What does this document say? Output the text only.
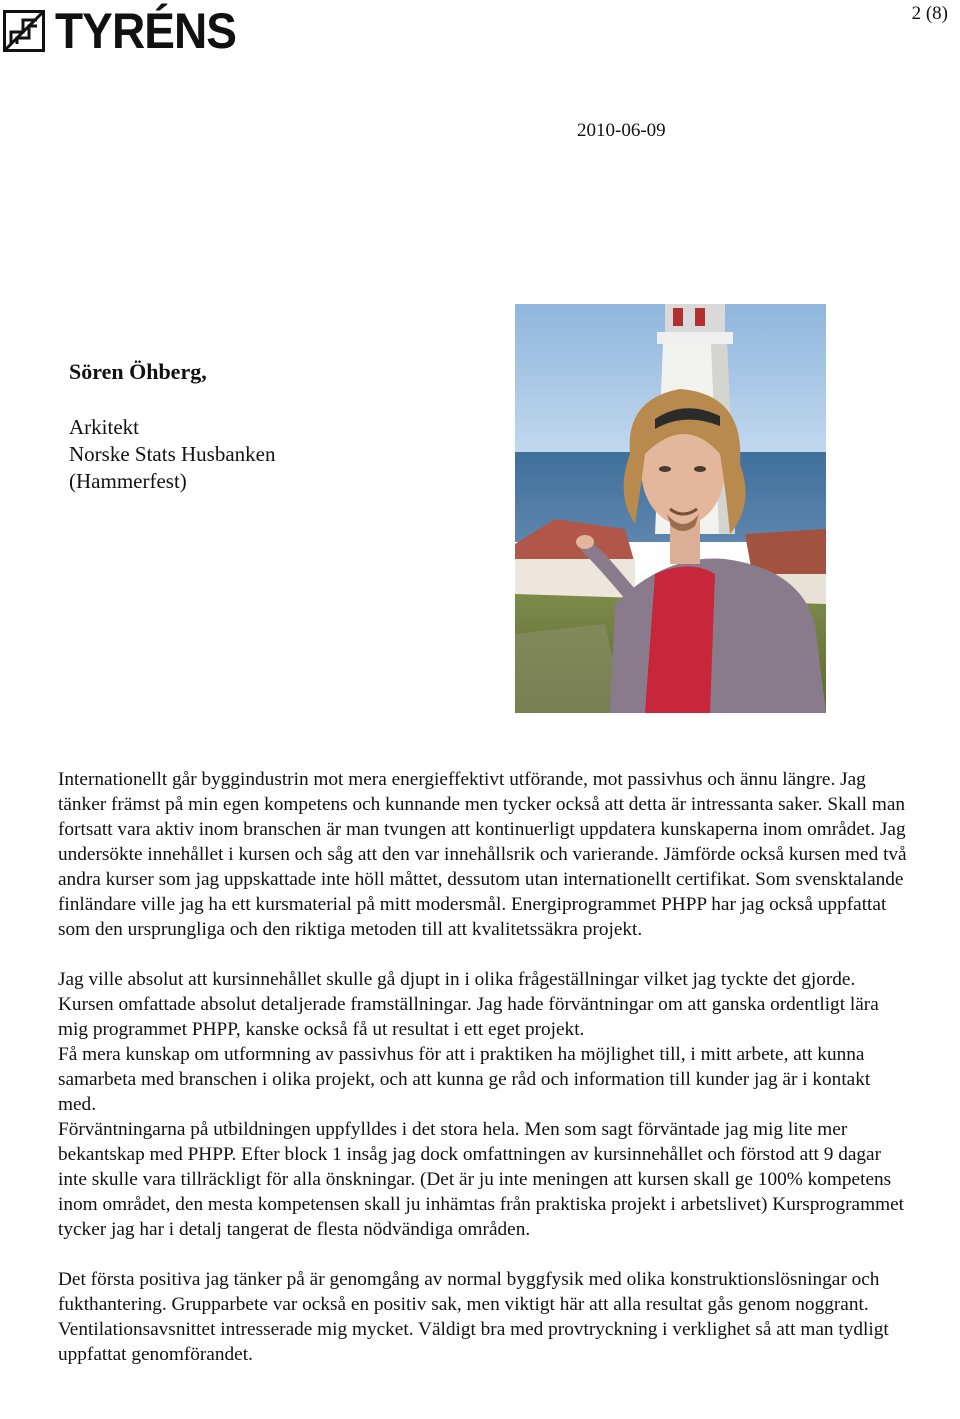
TYRÉNS	2 (8)
2010-06-09
Sören Öhberg,
Arkitekt
Norske Stats Husbanken
(Hammerfest)

Internationellt går byggindustrin mot mera energieffektivt utförande, mot passivhus och ännu längre. Jag tänker främst på min egen kompetens och kunnande men tycker också att detta är intressanta saker. Skall man fortsatt vara aktiv inom branschen är man tvungen att kontinuerligt uppdatera kunskaperna inom området. Jag undersökte innehållet i kursen och såg att den var innehållsrik och varierande. Jämförde också kursen med två andra kurser som jag uppskattade inte höll måttet, dessutom utan internationellt certifikat. Som svensktalande finländare ville jag ha ett kursmaterial på mitt modersmål. Energiprogrammet PHPP har jag också uppfattat som den ursprungliga och den riktiga metoden till att kvalitetssäkra projekt.

Jag ville absolut att kursinnehållet skulle gå djupt in i olika frågeställningar vilket jag tyckte det gjorde. Kursen omfattade absolut detaljerade framställningar. Jag hade förväntningar om att ganska ordentligt lära mig programmet PHPP, kanske också få ut resultat i ett eget projekt.

Få mera kunskap om utformning av passivhus för att i praktiken ha möjlighet till, i mitt arbete, att kunna samarbeta med branschen i olika projekt, och att kunna ge råd och information till kunder jag är i kontakt med.

Förväntningarna på utbildningen uppfylldes i det stora hela. Men som sagt förväntade jag mig lite mer bekantskap med PHPP. Efter block 1 insåg jag dock omfattningen av kursinnehållet och förstod att 9 dagar inte skulle vara tillräckligt för alla önskningar. (Det är ju inte meningen att kursen skall ge 100% kompetens inom området, den mesta kompetensen skall ju inhämtas från praktiska projekt i arbetslivet) Kursprogrammet tycker jag har i detalj tangerat de flesta nödvändiga områden.

Det första positiva jag tänker på är genomgång av normal byggfysik med olika konstruktionslösningar och fukthantering. Grupparbete var också en positiv sak, men viktigt här att alla resultat gås genom noggrant. Ventilationsavsnittet intresserade mig mycket. Väldigt bra med provtryckning i verklighet så att man tydligt uppfattat genomförandet.
